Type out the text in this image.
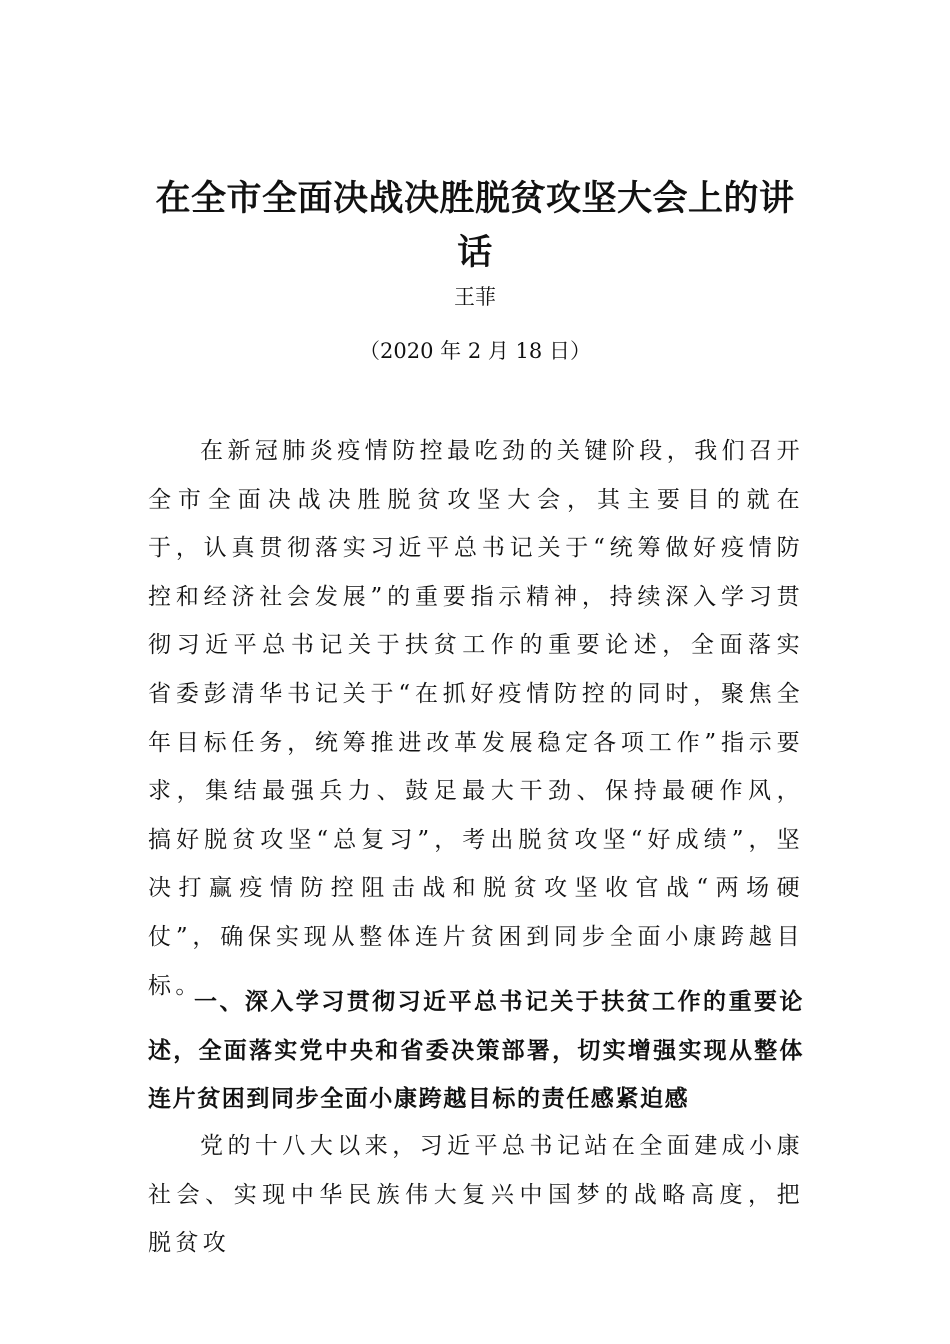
在全市全面决战决胜脱贫攻坚大会上的讲话
王菲
（2020 年 2 月 18 日）

在新冠肺炎疫情防控最吃劲的关键阶段，我们召开全市全面决战决胜脱贫攻坚大会，其主要目的就在于，认真贯彻落实习近平总书记关于“统筹做好疫情防控和经济社会发展”的重要指示精神，持续深入学习贯彻习近平总书记关于扶贫工作的重要论述，全面落实省委彭清华书记关于“在抓好疫情防控的同时，聚焦全年目标任务，统筹推进改革发展稳定各项工作”指示要求，集结最强兵力、鼓足最大干劲、保持最硬作风，搞好脱贫攻坚“总复习”，考出脱贫攻坚“好成绩”，坚决打赢疫情防控阻击战和脱贫攻坚收官战“两场硬仗”，确保实现从整体连片贫困到同步全面小康跨越目标。

一、深入学习贯彻习近平总书记关于扶贫工作的重要论述，全面落实党中央和省委决策部署，切实增强实现从整体连片贫困到同步全面小康跨越目标的责任感紧迫感

党的十八大以来，习近平总书记站在全面建成小康社会、实现中华民族伟大复兴中国梦的战略高度，把脱贫攻
